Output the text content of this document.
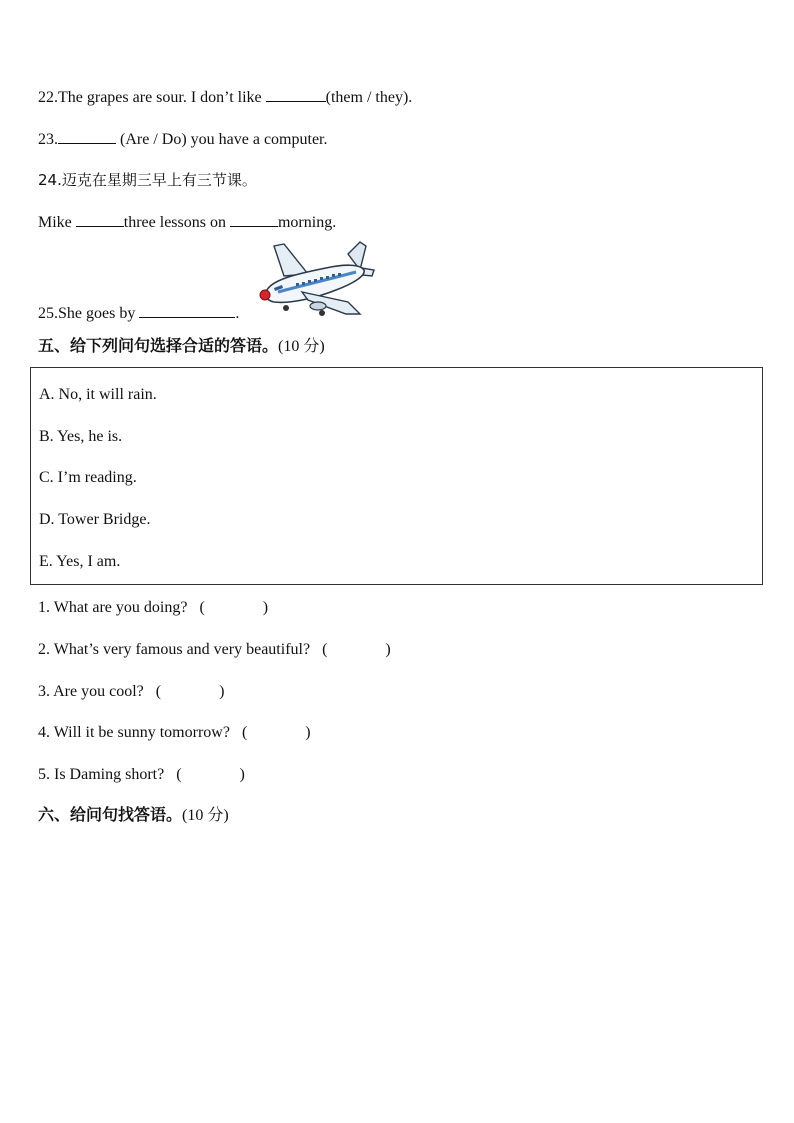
22.The grapes are sour. I don’t like	(them / they).
23.	(Are / Do) you have a computer.
24.迈克在星期三早上有三节课。
Mike	three lessons on	morning.
25.She goes by	.
五、给下列问句选择合适的答语。(10 分)
A. No, it will rain.
B. Yes, he is.
C. I’m reading.
D. Tower Bridge.
E. Yes, I am.
1. What are you doing? (	)
2. What’s very famous and very beautiful? (	)
3. Are you cool? (	)
4. Will it be sunny tomorrow? (	)
5. Is Daming short? (	)
六、给问句找答语。(10 分)
